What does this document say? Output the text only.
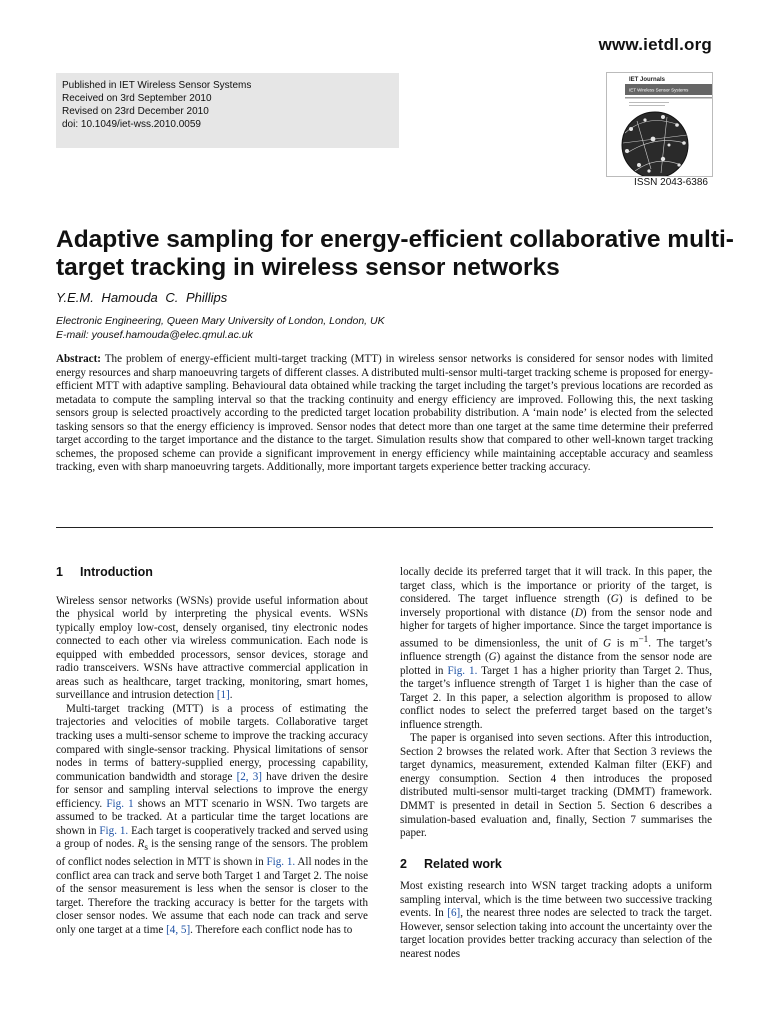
www.ietdl.org
Published in IET Wireless Sensor Systems
Received on 3rd September 2010
Revised on 23rd December 2010
doi: 10.1049/iet-wss.2010.0059
IET Journals
IET Wireless Sensor Systems
ISSN 2043-6386
Adaptive sampling for energy-efficient collaborative multi-target tracking in wireless sensor networks
Y.E.M. Hamouda C. Phillips
Electronic Engineering, Queen Mary University of London, London, UK
E-mail: yousef.hamouda@elec.qmul.ac.uk

Abstract: The problem of energy-efficient multi-target tracking (MTT) in wireless sensor networks is considered for sensor nodes with limited energy resources and sharp manoeuvring targets of different classes. A distributed multi-sensor multi-target tracking scheme is proposed for energy-efficient MTT with adaptive sampling. Behavioural data obtained while tracking the target including the target’s previous locations are recorded as metadata to compute the sampling interval so that the tracking continuity and energy efficiency are improved. Following this, the next tasking sensors group is selected proactively according to the predicted target location probability distribution. A ‘main node’ is elected from the selected tasking sensors so that the energy efficiency is improved. Sensor nodes that detect more than one target at the same time determine their preferred target according to the target importance and the distance to the target. Simulation results show that compared to other well-known target tracking schemes, the proposed scheme can provide a significant improvement in energy efficiency while maintaining acceptable accuracy and seamless tracking, even with sharp manoeuvring targets. Additionally, more important targets experience better tracking accuracy.

1 Introduction

Wireless sensor networks (WSNs) provide useful information about the physical world by interpreting the physical events. WSNs typically employ low-cost, densely organised, tiny electronic nodes connected to each other via wireless communication. Each node is equipped with embedded processors, sensor devices, storage and radio transceivers. WSNs have attractive commercial application in areas such as healthcare, target tracking, monitoring, smart homes, surveillance and intrusion detection [1].

Multi-target tracking (MTT) is a process of estimating the trajectories and velocities of mobile targets. Collaborative target tracking uses a multi-sensor scheme to improve the tracking accuracy compared with single-sensor tracking. Physical limitations of sensor nodes in terms of battery-supplied energy, processing capability, communication bandwidth and storage [2, 3] have driven the desire for sensor and sampling interval selections to improve the energy efficiency. Fig. 1 shows an MTT scenario in WSN. Two targets are assumed to be tracked. At a particular time the target locations are shown in Fig. 1. Each target is cooperatively tracked and served using a group of nodes. $R_s$ is the sensing range of the sensors. The problem of conflict nodes selection in MTT is shown in Fig. 1. All nodes in the conflict area can track and serve both Target 1 and Target 2. The noise of the sensor measurement is less when the sensor is closer to the target. Therefore the tracking accuracy is better for the targets with closer sensor nodes. We assume that each node can track and serve only one target at a time [4, 5]. Therefore each conflict node has to

locally decide its preferred target that it will track. In this paper, the target class, which is the importance or priority of the target, is considered. The target influence strength (G) is defined to be inversely proportional with distance (D) from the sensor node and higher for targets of higher importance. Since the target importance is assumed to be dimensionless, the unit of G is $m^{-1}$. The target’s influence strength (G) against the distance from the sensor node are plotted in Fig. 1. Target 1 has a higher priority than Target 2. Thus, the target’s influence strength of Target 1 is higher than the case of Target 2. In this paper, a selection algorithm is proposed to allow conflict nodes to select the preferred target based on the target’s influence strength.

The paper is organised into seven sections. After this introduction, Section 2 browses the related work. After that Section 3 reviews the target dynamics, measurement, extended Kalman filter (EKF) and energy consumption. Section 4 then introduces the proposed distributed multi-sensor multi-target tracking (DMMT) framework. DMMT is presented in detail in Section 5. Section 6 describes a simulation-based evaluation and, finally, Section 7 summarises the paper.

2 Related work

Most existing research into WSN target tracking adopts a uniform sampling interval, which is the time between two successive tracking events. In [6], the nearest three nodes are selected to track the target. However, sensor selection taking into account the uncertainty over the target location provides better tracking accuracy than selection of the nearest nodes
